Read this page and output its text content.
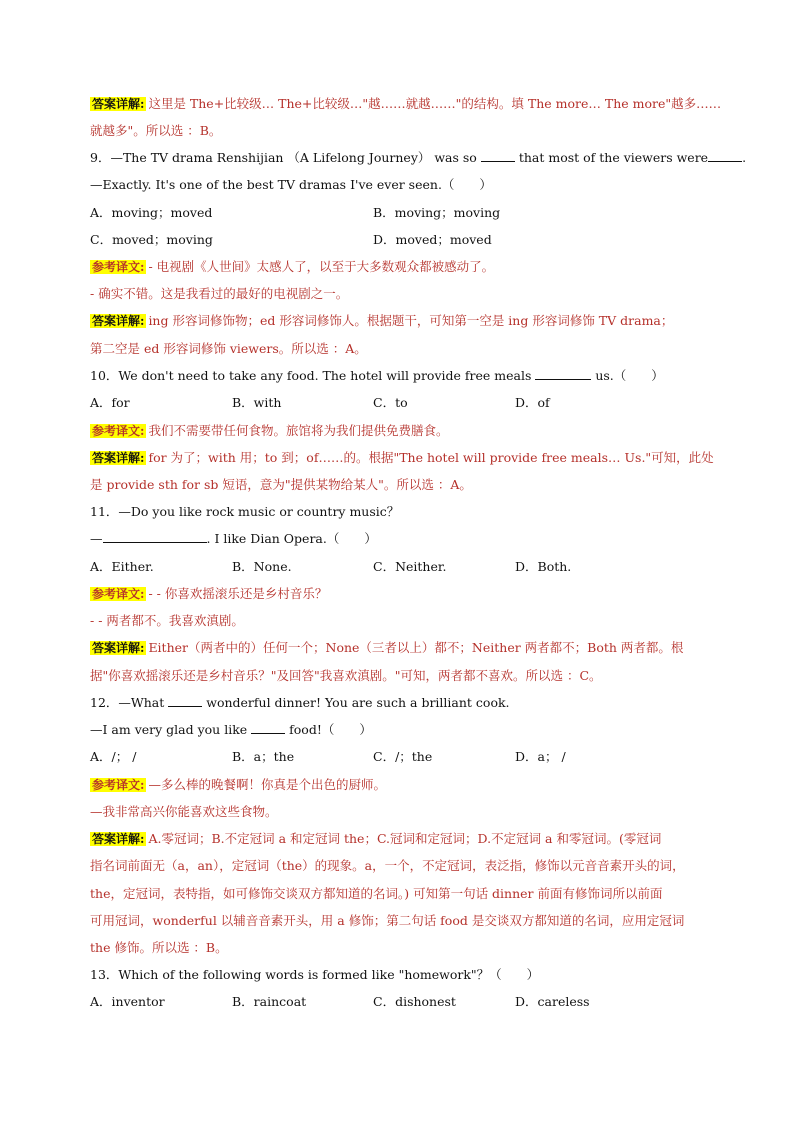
答案详解: 这里是 The+比较级… The+比较级…"越……就越……"的结构。填 The more… The more"越多……
就越多"。所以选 ：B。
9．—The TV drama Renshijian （A Lifelong Journey） was so	that most of the viewers were	.
—Exactly. It's one of the best TV dramas I've ever seen.（　　）
A．moving；moved	B．moving；moving
C．moved；moving	D．moved；moved
参考译文: - 电视剧《人世间》太感人了，以至于大多数观众都被感动了。
- 确实不错。这是我看过的最好的电视剧之一。
答案详解: ing 形容词修饰物；ed 形容词修饰人。根据题干，可知第一空是 ing 形容词修饰 TV drama；
第二空是 ed 形容词修饰 viewers。所以选 ：A。
10．We don't need to take any food. The hotel will provide free meals	us.（　　）
A．for	B．with	C．to	D．of
参考译文: 我们不需要带任何食物。旅馆将为我们提供免费膳食。
答案详解: for 为了；with 用；to 到；of……的。根据"The hotel will provide free meals… Us."可知，此处
是 provide sth for sb 短语，意为"提供某物给某人"。所以选 ：A。
11．—Do you like rock music or country music？
—	. I like Dian Opera.（　　）
A．Either.	B．None.	C．Neither.	D．Both.
参考译文: - - 你喜欢摇滚乐还是乡村音乐？
- - 两者都不。我喜欢滇剧。
答案详解: Either（两者中的）任何一个；None（三者以上）都不；Neither 两者都不；Both 两者都。根
据"你喜欢摇滚乐还是乡村音乐？"及回答"我喜欢滇剧。"可知，两者都不喜欢。所以选 ：C。
12．—What	wonderful dinner! You are such a brilliant cook.
—I am very glad you like	food!（　　）
A．/； /	B．a；the	C．/；the	D．a； /
参考译文: —多么棒的晚餐啊！你真是个出色的厨师。
—我非常高兴你能喜欢这些食物。
答案详解: A.零冠词；B.不定冠词 a 和定冠词 the；C.冠词和定冠词；D.不定冠词 a 和零冠词。(零冠词
指名词前面无（a，an），定冠词（the）的现象。a，一个，不定冠词，表泛指，修饰以元音音素开头的词，
the，定冠词，表特指，如可修饰交谈双方都知道的名词。) 可知第一句话 dinner 前面有修饰词所以前面
可用冠词，wonderful 以辅音音素开头，用 a 修饰；第二句话 food 是交谈双方都知道的名词，应用定冠词
the 修饰。所以选 ：B。
13．Which of the following words is formed like "homework"？（　　）
A．inventor	B．raincoat	C．dishonest	D．careless
